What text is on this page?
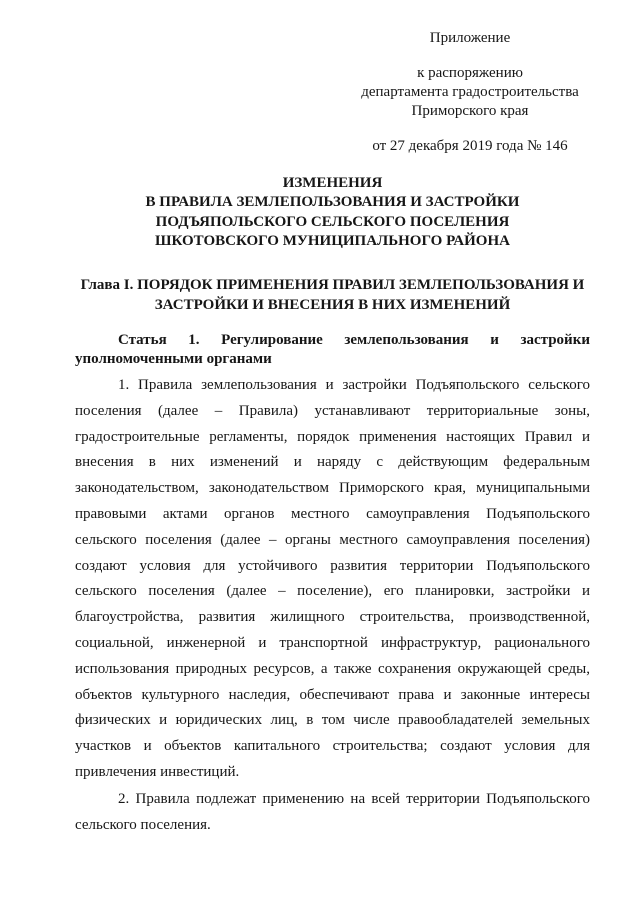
Приложение
к распоряжению
департамента градостроительства
Приморского края
от 27 декабря 2019 года № 146
ИЗМЕНЕНИЯ
В ПРАВИЛА ЗЕМЛЕПОЛЬЗОВАНИЯ И ЗАСТРОЙКИ
ПОДЪЯПОЛЬСКОГО СЕЛЬСКОГО ПОСЕЛЕНИЯ
ШКОТОВСКОГО МУНИЦИПАЛЬНОГО РАЙОНА
Глава I. ПОРЯДОК ПРИМЕНЕНИЯ ПРАВИЛ ЗЕМЛЕПОЛЬЗОВАНИЯ И
ЗАСТРОЙКИ И ВНЕСЕНИЯ В НИХ ИЗМЕНЕНИЙ
Статья 1. Регулирование землепользования и застройки
уполномоченными органами
1. Правила землепользования и застройки Подъяпольского сельского
поселения (далее – Правила) устанавливают территориальные зоны,
градостроительные регламенты, порядок применения настоящих Правил и
внесения в них изменений и наряду с действующим федеральным
законодательством, законодательством Приморского края, муниципальными
правовыми актами органов местного самоуправления Подъяпольского
сельского поселения (далее – органы местного самоуправления поселения)
создают условия для устойчивого развития территории Подъяпольского
сельского поселения (далее – поселение), его планировки, застройки и
благоустройства, развития жилищного строительства, производственной,
социальной, инженерной и транспортной инфраструктур, рационального
использования природных ресурсов, а также сохранения окружающей среды,
объектов культурного наследия, обеспечивают права и законные интересы
физических и юридических лиц, в том числе правообладателей земельных
участков и объектов капитального строительства; создают условия для
привлечения инвестиций.
2. Правила подлежат применению на всей территории Подъяпольского
сельского поселения.
